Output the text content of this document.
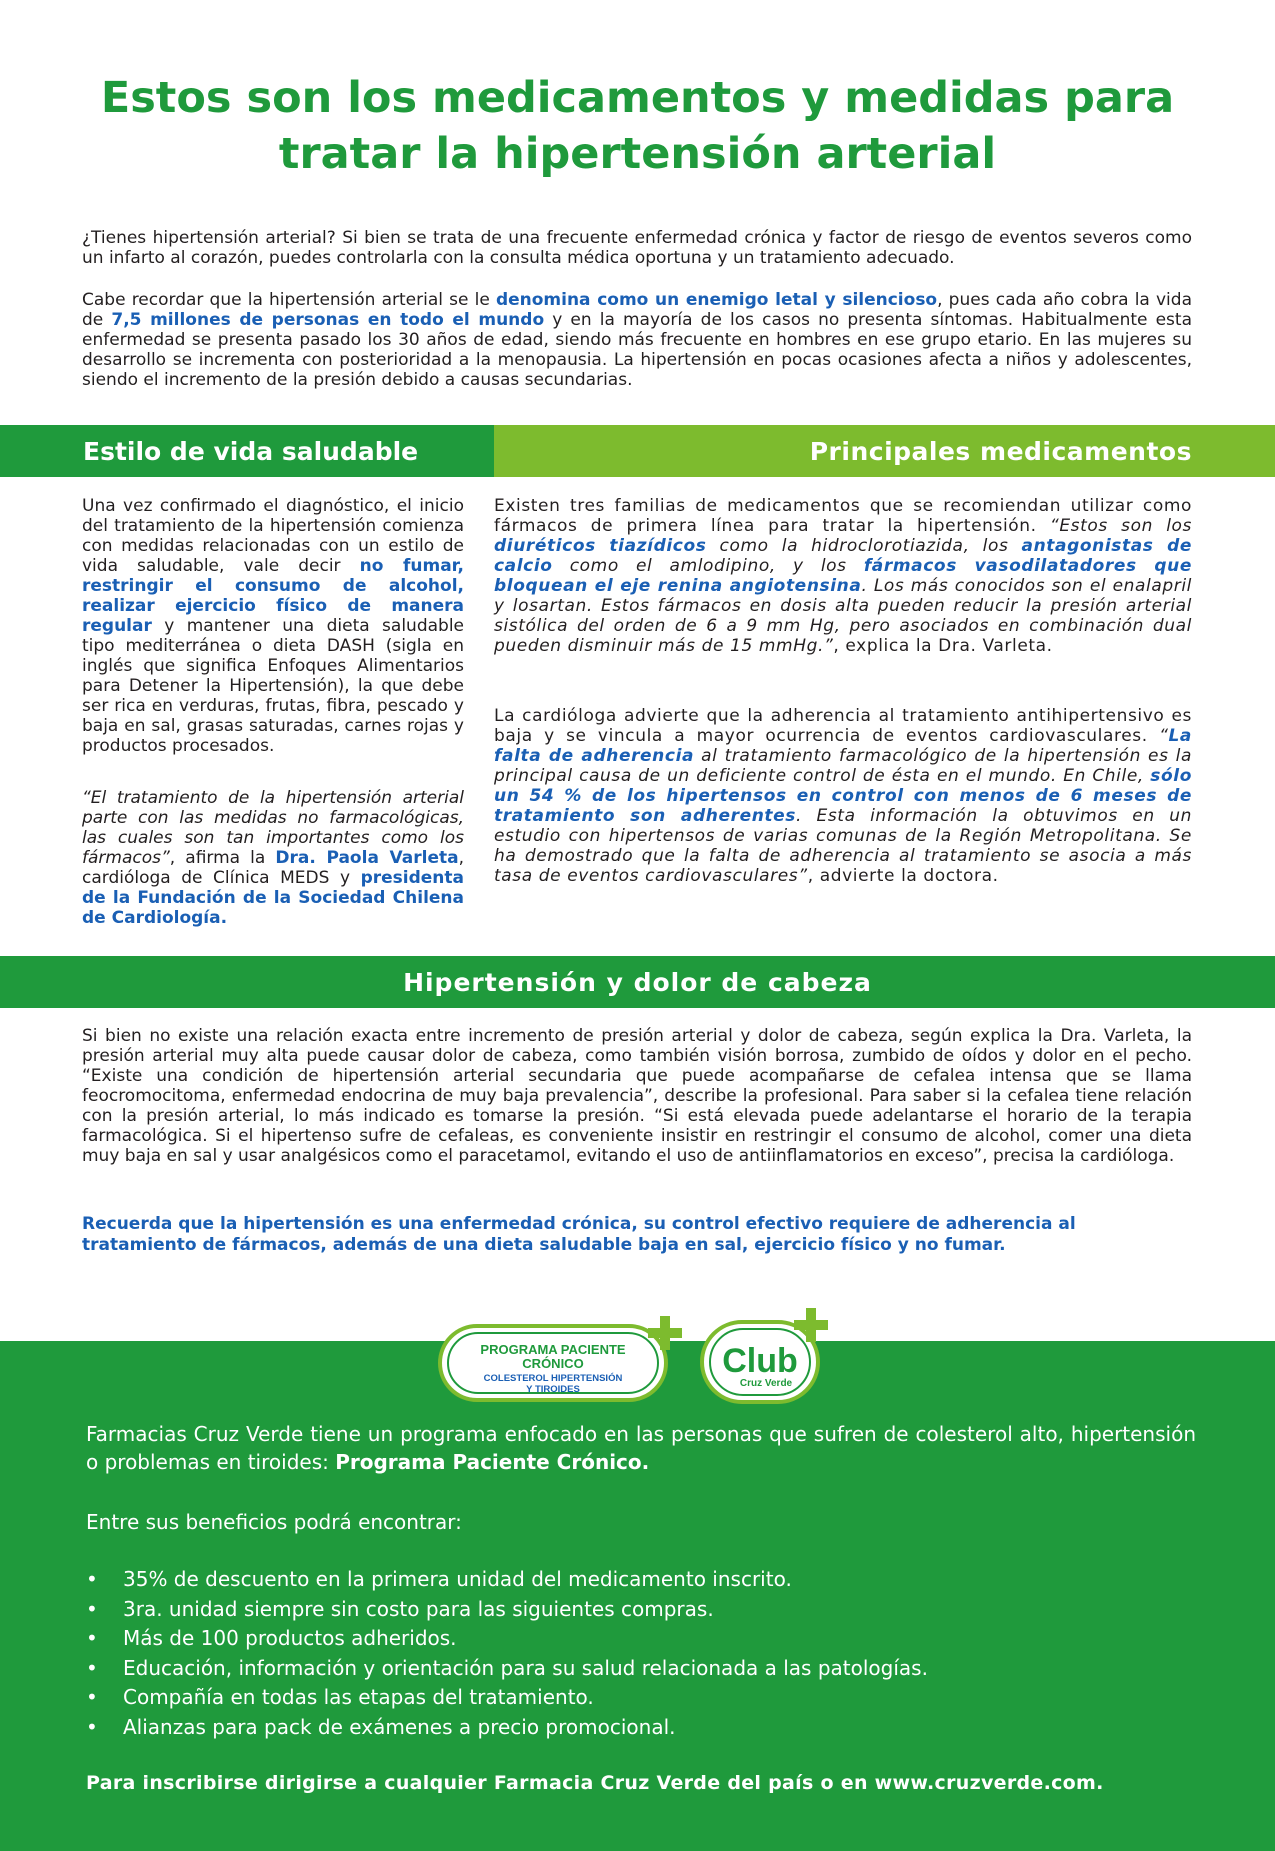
Estos son los medicamentos y medidas para tratar la hipertensión arterial

¿Tienes hipertensión arterial? Si bien se trata de una frecuente enfermedad crónica y factor de riesgo de eventos severos como un infarto al corazón, puedes controlarla con la consulta médica oportuna y un tratamiento adecuado.

Cabe recordar que la hipertensión arterial se le denomina como un enemigo letal y silencioso, pues cada año cobra la vida de 7,5 millones de personas en todo el mundo y en la mayoría de los casos no presenta síntomas. Habitualmente esta enfermedad se presenta pasado los 30 años de edad, siendo más frecuente en hombres en ese grupo etario. En las mujeres su desarrollo se incrementa con posterioridad a la menopausia. La hipertensión en pocas ocasiones afecta a niños y adolescentes, siendo el incremento de la presión debido a causas secundarias.

Estilo de vida saludable	Principales medicamentos

Una vez confirmado el diagnóstico, el inicio del tratamiento de la hipertensión comienza con medidas relacionadas con un estilo de vida saludable, vale decir no fumar, restringir el consumo de alcohol, realizar ejercicio físico de manera regular y mantener una dieta saludable tipo mediterránea o dieta DASH (sigla en inglés que significa Enfoques Alimentarios para Detener la Hipertensión), la que debe ser rica en verduras, frutas, fibra, pescado y baja en sal, grasas saturadas, carnes rojas y productos procesados.

“El tratamiento de la hipertensión arterial parte con las medidas no farmacológicas, las cuales son tan importantes como los fármacos”, afirma la Dra. Paola Varleta, cardióloga de Clínica MEDS y presidenta de la Fundación de la Sociedad Chilena de Cardiología.

Existen tres familias de medicamentos que se recomiendan utilizar como fármacos de primera línea para tratar la hipertensión. “Estos son los diuréticos tiazídicos como la hidroclorotiazida, los antagonistas de calcio como el amlodipino, y los fármacos vasodilatadores que bloquean el eje renina angiotensina. Los más conocidos son el enalapril y losartan. Estos fármacos en dosis alta pueden reducir la presión arterial sistólica del orden de 6 a 9 mm Hg, pero asociados en combinación dual pueden disminuir más de 15 mmHg.”, explica la Dra. Varleta.

La cardióloga advierte que la adherencia al tratamiento antihipertensivo es baja y se vincula a mayor ocurrencia de eventos cardiovasculares. “La falta de adherencia al tratamiento farmacológico de la hipertensión es la principal causa de un deficiente control de ésta en el mundo. En Chile, sólo un 54 % de los hipertensos en control con menos de 6 meses de tratamiento son adherentes. Esta información la obtuvimos en un estudio con hipertensos de varias comunas de la Región Metropolitana. Se ha demostrado que la falta de adherencia al tratamiento se asocia a más tasa de eventos cardiovasculares”, advierte la doctora.

Hipertensión y dolor de cabeza

Si bien no existe una relación exacta entre incremento de presión arterial y dolor de cabeza, según explica la Dra. Varleta, la presión arterial muy alta puede causar dolor de cabeza, como también visión borrosa, zumbido de oídos y dolor en el pecho. “Existe una condición de hipertensión arterial secundaria que puede acompañarse de cefalea intensa que se llama feocromocitoma, enfermedad endocrina de muy baja prevalencia”, describe la profesional. Para saber si la cefalea tiene relación con la presión arterial, lo más indicado es tomarse la presión. “Si está elevada puede adelantarse el horario de la terapia farmacológica. Si el hipertenso sufre de cefaleas, es conveniente insistir en restringir el consumo de alcohol, comer una dieta muy baja en sal y usar analgésicos como el paracetamol, evitando el uso de antiinflamatorios en exceso”, precisa la cardióloga.

Recuerda que la hipertensión es una enfermedad crónica, su control efectivo requiere de adherencia al tratamiento de fármacos, además de una dieta saludable baja en sal, ejercicio físico y no fumar.

PROGRAMA PACIENTE
CRÓNICO
COLESTEROL HIPERTENSIÓN
Y TIROIDES
Club
Cruz Verde

Farmacias Cruz Verde tiene un programa enfocado en las personas que sufren de colesterol alto, hipertensión o problemas en tiroides: Programa Paciente Crónico.

Entre sus beneficios podrá encontrar:

• 35% de descuento en la primera unidad del medicamento inscrito.
• 3ra. unidad siempre sin costo para las siguientes compras.
• Más de 100 productos adheridos.
• Educación, información y orientación para su salud relacionada a las patologías.
• Compañía en todas las etapas del tratamiento.
• Alianzas para pack de exámenes a precio promocional.

Para inscribirse dirigirse a cualquier Farmacia Cruz Verde del país o en www.cruzverde.com.
